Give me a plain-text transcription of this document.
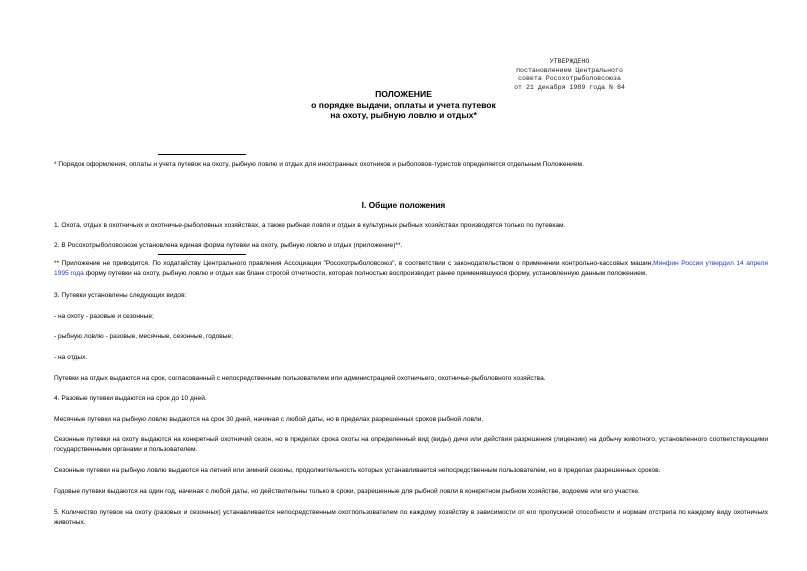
УТВЕРЖДЕНО
постановлением Центрального
совета Росохотрыболовсоюза
от 21 декабря 1989 года N 84
ПОЛОЖЕНИЕ
о порядке выдачи, оплаты и учета путевок
на охоту, рыбную ловлю и отдых*
* Порядок оформления, оплаты и учета путевок на охоту, рыбную ловлю и отдых для иностранных охотников и рыболовов-туристов определяется отдельным Положением.
I. Общие положения
1. Охота, отдых в охотничьих и охотничье-рыболовных хозяйствах, а также рыбная ловля и отдых в культурных рыбных хозяйствах производятся только по путевкам.
2. В Росохотрыболовсоюзе установлена единая форма путевки на охоту, рыбную ловлю и отдых (приложение)**.
** Приложение не приводится. По ходатайству Центрального правления Ассоциации "Росохотрыболовсоюз", в соответствии с законодательством о применении контрольно-кассовых машин,Минфин России утвердил 14 апреля 1995 года форму путевки на охоту, рыбную ловлю и отдых как бланк строгой отчетности, которая полностью воспроизводит ранее применявшуюся форму, установленную данным положением.
3. Путевки установлены следующих видов:
- на охоту - разовые и сезонные;
- рыбную ловлю - разовые, месячные, сезонные, годовые;
- на отдых.
Путевки на отдых выдаются на срок, согласованный с непосредственным пользователем или администрацией охотничьего, охотничье-рыболовного хозяйства.
4. Разовые путевки выдаются на срок до 10 дней.
Месячные путевки на рыбную ловлю выдаются на срок 30 дней, начиная с любой даты, но в пределах разрешенных сроков рыбной ловли.
Сезонные путевки на охоту выдаются на конкретный охотничий сезон, но в пределах срока охоты на определенный вид (виды) дичи или действия разрешения (лицензии) на добычу животного, установленного соответствующими государственными органами и пользователем.
Сезонные путевки на рыбную ловлю выдаются на летний или зимний сезоны, продолжительность которых устанавливается непосредственным пользователем, но в пределах разрешенных сроков.
Годовые путевки выдаются на один год, начиная с любой даты, но действительны только в сроки, разрешенные для рыбной ловли в конкретном рыбном хозяйстве, водоеме или его участке.
5. Количество путевок на охоту (разовых и сезонных) устанавливается непосредственным охотпользователем по каждому хозяйству в зависимости от его пропускной способности и нормам отстрела по каждому виду охотничьих животных.
